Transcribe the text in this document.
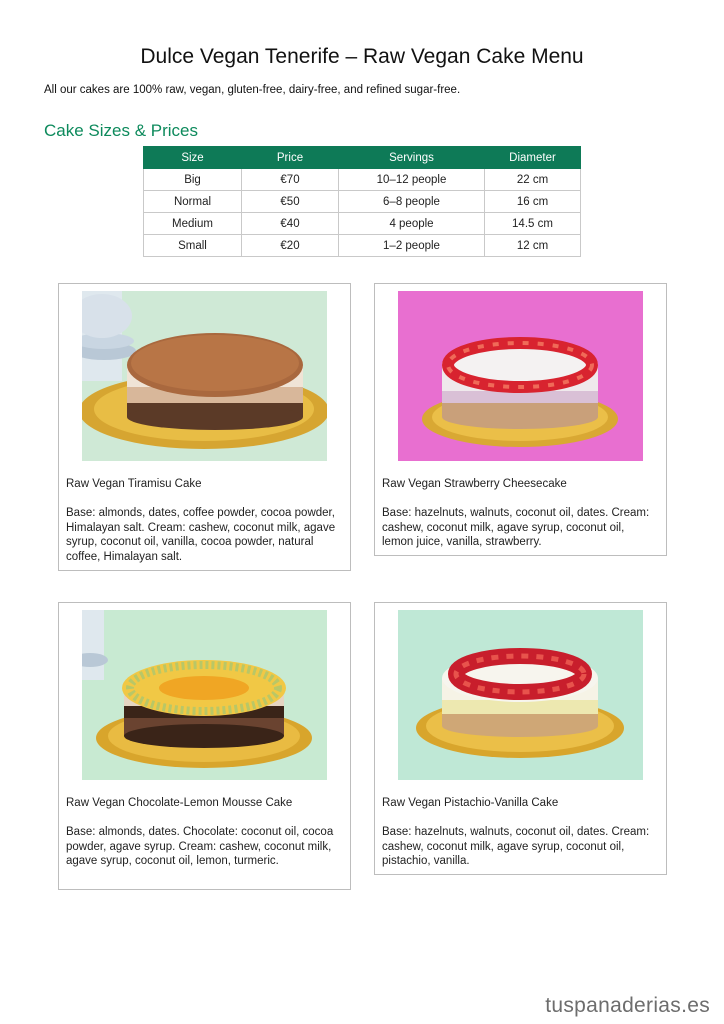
Dulce Vegan Tenerife – Raw Vegan Cake Menu
All our cakes are 100% raw, vegan, gluten-free, dairy-free, and refined sugar-free.
Cake Sizes & Prices
Size	Price	Servings	Diameter
Big	€70	10–12 people	22 cm
Normal	€50	6–8 people	16 cm
Medium	€40	4 people	14.5 cm
Small	€20	1–2 people	12 cm
Raw Vegan Tiramisu Cake
Base: almonds, dates, coffee powder, cocoa powder, Himalayan salt. Cream: cashew, coconut milk, agave syrup, coconut oil, vanilla, cocoa powder, natural coffee, Himalayan salt.
Raw Vegan Strawberry Cheesecake
Base: hazelnuts, walnuts, coconut oil, dates. Cream: cashew, coconut milk, agave syrup, coconut oil, lemon juice, vanilla, strawberry.
Raw Vegan Chocolate-Lemon Mousse Cake
Base: almonds, dates. Chocolate: coconut oil, cocoa powder, agave syrup. Cream: cashew, coconut milk, agave syrup, coconut oil, lemon, turmeric.
Raw Vegan Pistachio-Vanilla Cake
Base: hazelnuts, walnuts, coconut oil, dates. Cream: cashew, coconut milk, agave syrup, coconut oil, pistachio, vanilla.
tuspanaderias.es
